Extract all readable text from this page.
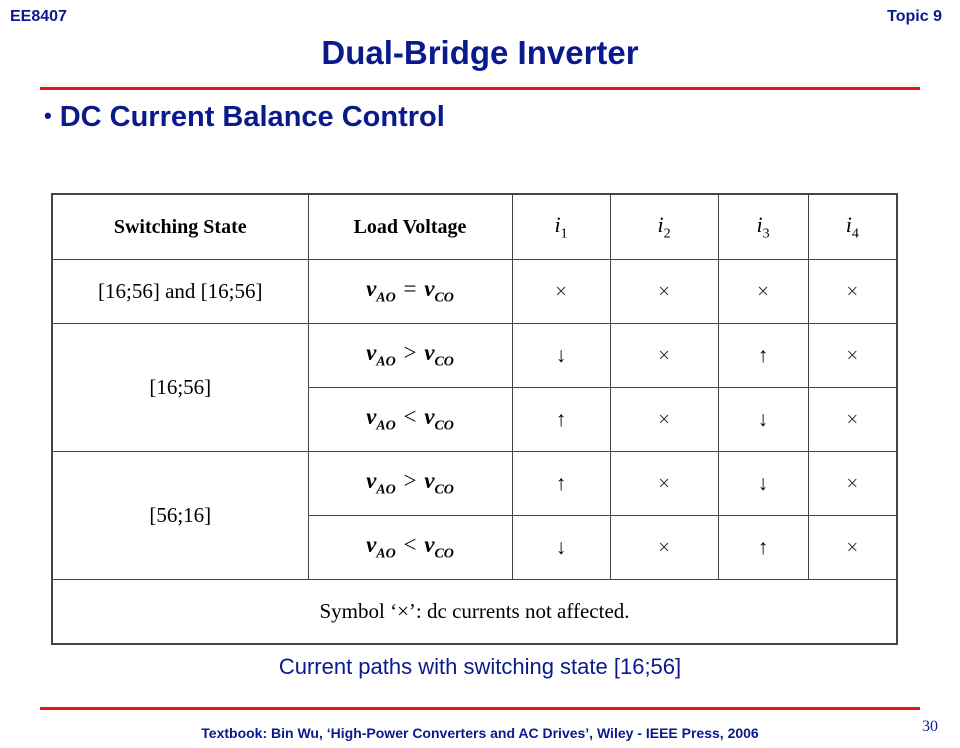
EE8407	Topic 9
Dual-Bridge Inverter
• DC Current Balance Control
Switching State	Load Voltage	$i_1$	$i_2$	$i_3$	$i_4$
[16;56] and [16;56]	$v_{AO} = v_{CO}$	×	×	×	×
[16;56]	$v_{AO} > v_{CO}$	↓	×	↑	×
	$v_{AO} < v_{CO}$	↑	×	↓	×
[56;16]	$v_{AO} > v_{CO}$	↑	×	↓	×
	$v_{AO} < v_{CO}$	↓	×	↑	×
Symbol ‘×’: dc currents not affected.					
Current paths with switching state [16;56]
Textbook: Bin Wu, ‘High-Power Converters and AC Drives’, Wiley - IEEE Press, 2006	30
